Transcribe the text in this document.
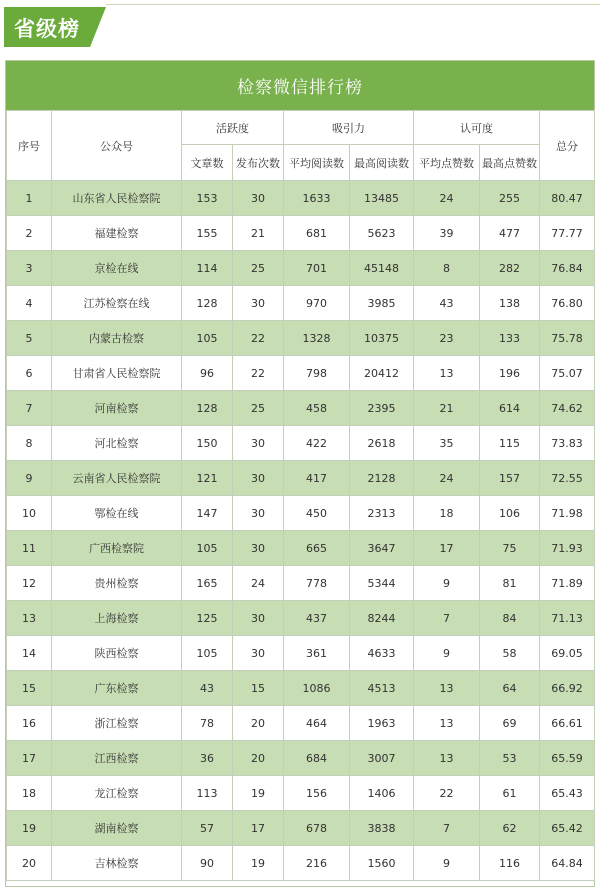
省级榜
检察微信排行榜
序号	公众号	活跃度		吸引力		认可度		总分
		文章数	发布次数	平均阅读数	最高阅读数	平均点赞数	最高点赞数	
1	山东省人民检察院	153	30	1633	13485	24	255	80.47
2	福建检察	155	21	681	5623	39	477	77.77
3	京检在线	114	25	701	45148	8	282	76.84
4	江苏检察在线	128	30	970	3985	43	138	76.80
5	内蒙古检察	105	22	1328	10375	23	133	75.78
6	甘肃省人民检察院	96	22	798	20412	13	196	75.07
7	河南检察	128	25	458	2395	21	614	74.62
8	河北检察	150	30	422	2618	35	115	73.83
9	云南省人民检察院	121	30	417	2128	24	157	72.55
10	鄂检在线	147	30	450	2313	18	106	71.98
11	广西检察院	105	30	665	3647	17	75	71.93
12	贵州检察	165	24	778	5344	9	81	71.89
13	上海检察	125	30	437	8244	7	84	71.13
14	陕西检察	105	30	361	4633	9	58	69.05
15	广东检察	43	15	1086	4513	13	64	66.92
16	浙江检察	78	20	464	1963	13	69	66.61
17	江西检察	36	20	684	3007	13	53	65.59
18	龙江检察	113	19	156	1406	22	61	65.43
19	湖南检察	57	17	678	3838	7	62	65.42
20	吉林检察	90	19	216	1560	9	116	64.84
